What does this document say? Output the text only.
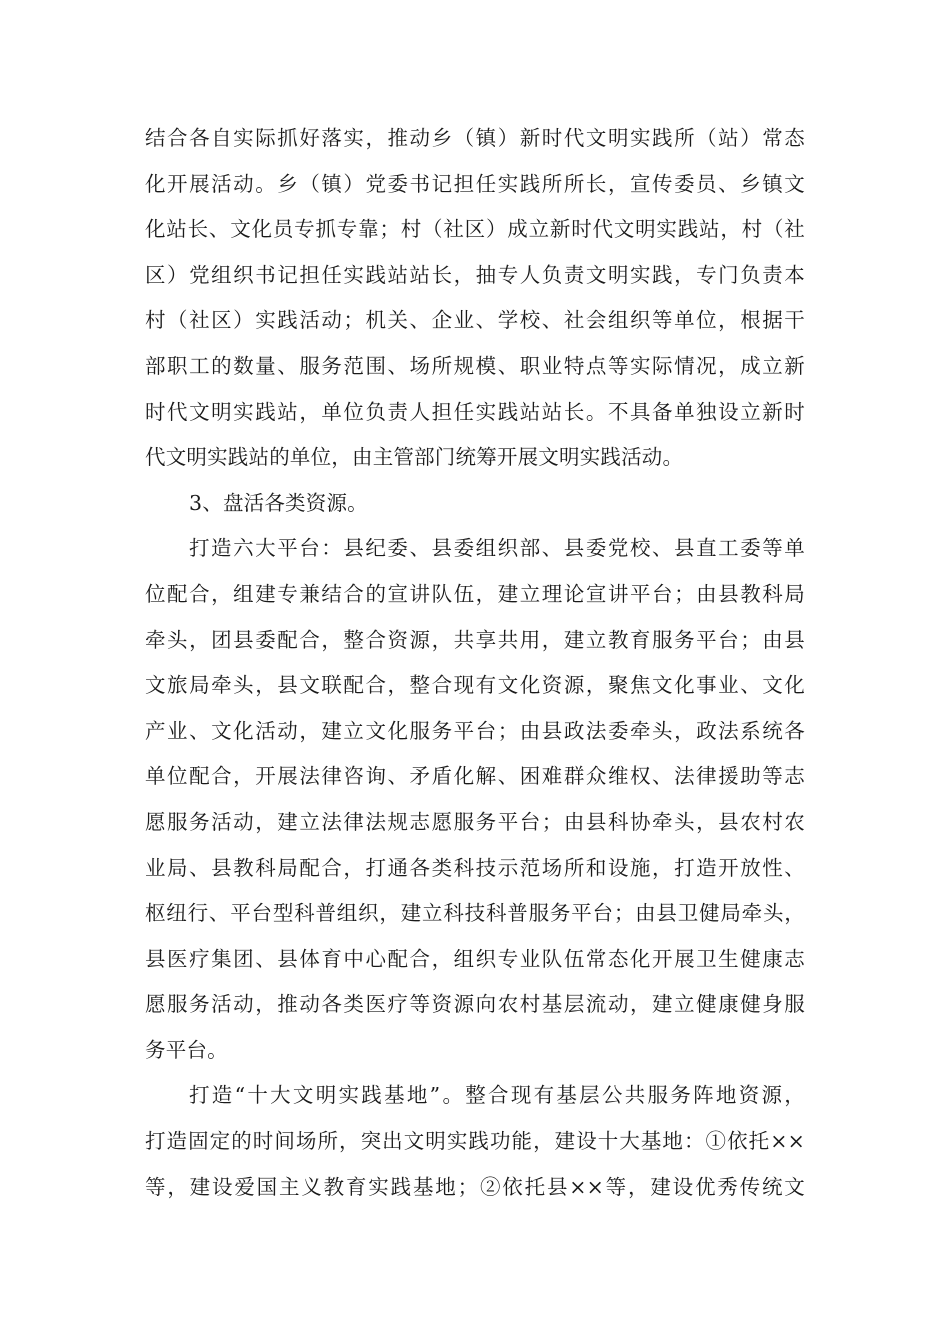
结合各自实际抓好落实，推动乡（镇）新时代文明实践所（站）常态
化开展活动。乡（镇）党委书记担任实践所所长，宣传委员、乡镇文
化站长、文化员专抓专靠；村（社区）成立新时代文明实践站，村（社
区）党组织书记担任实践站站长，抽专人负责文明实践，专门负责本
村（社区）实践活动；机关、企业、学校、社会组织等单位，根据干
部职工的数量、服务范围、场所规模、职业特点等实际情况，成立新
时代文明实践站，单位负责人担任实践站站长。不具备单独设立新时
代文明实践站的单位，由主管部门统筹开展文明实践活动。
3、盘活各类资源。
打造六大平台：县纪委、县委组织部、县委党校、县直工委等单
位配合，组建专兼结合的宣讲队伍，建立理论宣讲平台；由县教科局
牵头，团县委配合，整合资源，共享共用，建立教育服务平台；由县
文旅局牵头，县文联配合，整合现有文化资源，聚焦文化事业、文化
产业、文化活动，建立文化服务平台；由县政法委牵头，政法系统各
单位配合，开展法律咨询、矛盾化解、困难群众维权、法律援助等志
愿服务活动，建立法律法规志愿服务平台；由县科协牵头，县农村农
业局、县教科局配合，打通各类科技示范场所和设施，打造开放性、
枢纽行、平台型科普组织，建立科技科普服务平台；由县卫健局牵头，
县医疗集团、县体育中心配合，组织专业队伍常态化开展卫生健康志
愿服务活动，推动各类医疗等资源向农村基层流动，建立健康健身服
务平台。
打造“十大文明实践基地”。整合现有基层公共服务阵地资源，
打造固定的时间场所，突出文明实践功能，建设十大基地：①依托××
等，建设爱国主义教育实践基地；②依托县××等，建设优秀传统文
